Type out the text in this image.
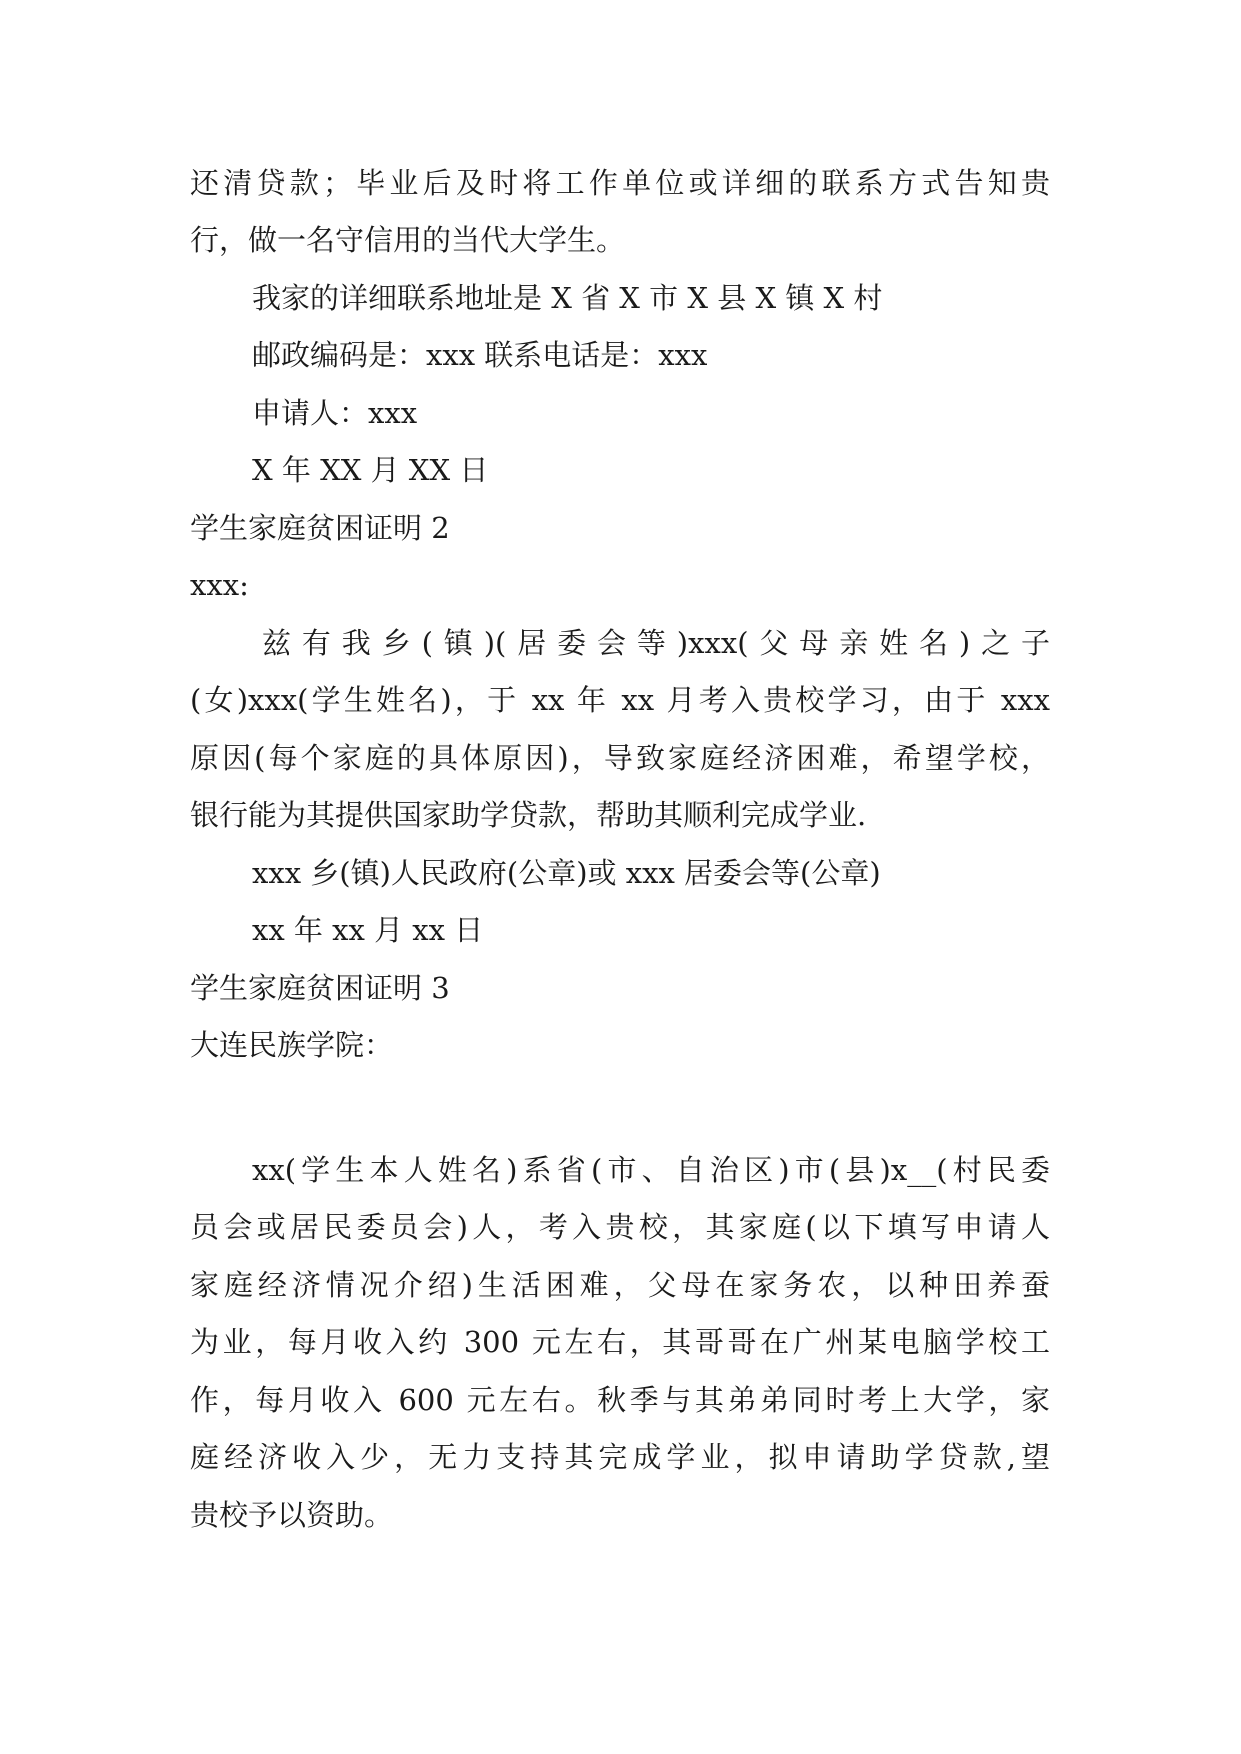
还清贷款；毕业后及时将工作单位或详细的联系方式告知贵
行，做一名守信用的当代大学生。
我家的详细联系地址是 X 省 X 市 X 县 X 镇 X 村
邮政编码是：xxx 联系电话是：xxx
申请人：xxx
X 年 XX 月 XX 日
学生家庭贫困证明 2
xxx:
兹有我乡(镇)(居委会等)xxx(父母亲姓名)之子
(女)xxx(学生姓名)，于 xx 年 xx 月考入贵校学习，由于 xxx
原因(每个家庭的具体原因)，导致家庭经济困难，希望学校，
银行能为其提供国家助学贷款，帮助其顺利完成学业.
xxx 乡(镇)人民政府(公章)或 xxx 居委会等(公章)
xx 年 xx 月 xx 日
学生家庭贫困证明 3
大连民族学院：
xx(学生本人姓名)系省(市、自治区)市(县)x__(村民委
员会或居民委员会)人，考入贵校，其家庭(以下填写申请人
家庭经济情况介绍)生活困难，父母在家务农，以种田养蚕
为业，每月收入约 300 元左右，其哥哥在广州某电脑学校工
作，每月收入 600 元左右。秋季与其弟弟同时考上大学，家
庭经济收入少，无力支持其完成学业，拟申请助学贷款,望
贵校予以资助。
